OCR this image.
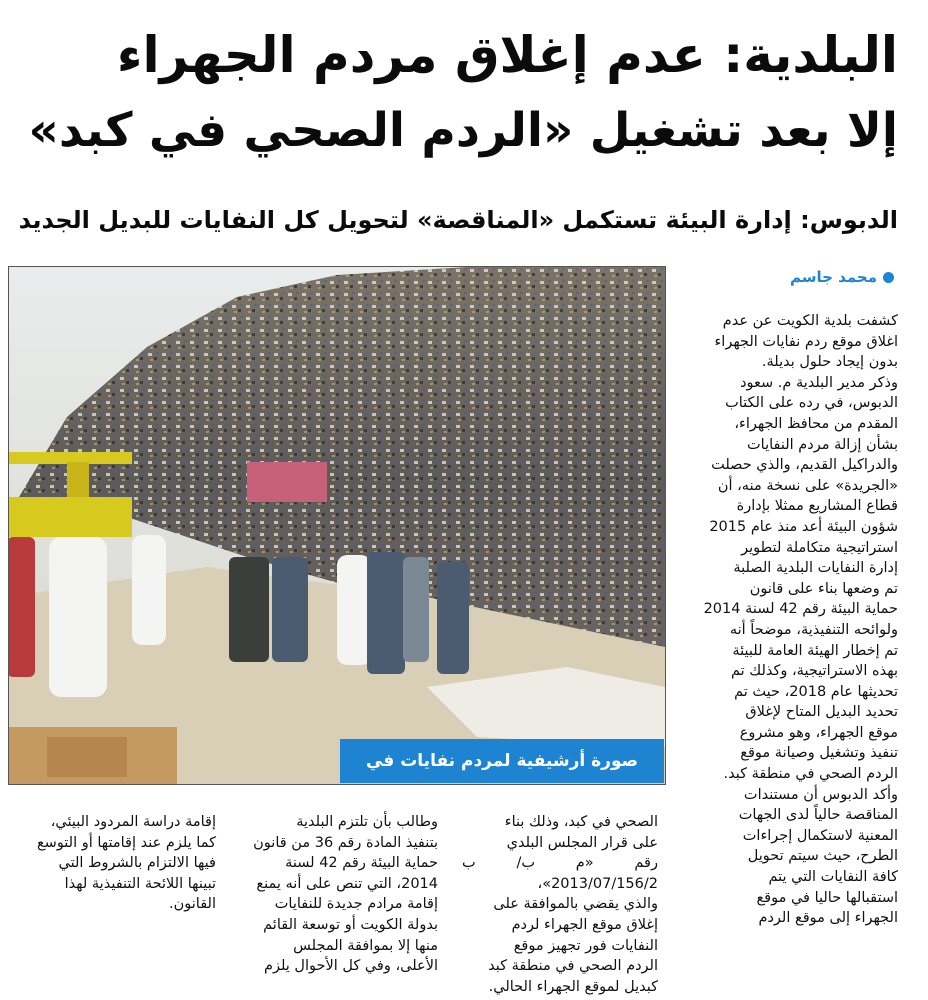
البلدية: عدم إغلاق مردم الجهراء
إلا بعد تشغيل «الردم الصحي في كبد»
الدبوس: إدارة البيئة تستكمل «المناقصة» لتحويل كل النفايات للبديل الجديد
صورة أرشيفية لمردم نفايات في الكويت
محمد جاسم
كشفت بلدية الكويت عن عدم
اغلاق موقع ردم نفايات الجهراء
بدون إيجاد حلول بديلة.
وذكر مدير البلدية م. سعود
الدبوس، في رده على الكتاب
المقدم من محافظ الجهراء،
بشأن إزالة مردم النفايات
والدراكيل القديم، والذي حصلت
«الجريدة» على نسخة منه، أن
قطاع المشاريع ممثلا بإدارة
شؤون البيئة أعد منذ عام 2015
استراتيجية متكاملة لتطوير
إدارة النفايات البلدية الصلبة
تم وضعها بناء على قانون
حماية البيئة رقم 42 لسنة 2014
ولوائحه التنفيذية، موضحاً أنه
تم إخطار الهيئة العامة للبيئة
بهذه الاستراتيجية، وكذلك تم
تحديثها عام 2018، حيث تم
تحديد البديل المتاح لإغلاق
موقع الجهراء، وهو مشروع
تنفيذ وتشغيل وصيانة موقع
الردم الصحي في منطقة كبد.
وأكد الدبوس أن مستندات
المناقصة حالياً لدى الجهات
المعنية لاستكمال إجراءات
الطرح، حيث سيتم تحويل
كافة النفايات التي يتم
استقبالها حاليا في موقع
الجهراء إلى موقع الردم
الصحي في كبد، وذلك بناء
على قرار المجلس البلدي
رقم «م ب/ ب 2013/07/156/2»،
والذي يقضي بالموافقة على
إغلاق موقع الجهراء لردم
النفايات فور تجهيز موقع
الردم الصحي في منطقة كبد
كبديل لموقع الجهراء الحالي.
وطالب بأن تلتزم البلدية
بتنفيذ المادة رقم 36 من قانون
حماية البيئة رقم 42 لسنة
2014، التي تنص على أنه يمنع
إقامة مرادم جديدة للنفايات
بدولة الكويت أو توسعة القائم
منها إلا بموافقة المجلس
الأعلى، وفي كل الأحوال يلزم
إقامة دراسة المردود البيئي،
كما يلزم عند إقامتها أو التوسع
فيها الالتزام بالشروط التي
تبينها اللائحة التنفيذية لهذا
القانون.
